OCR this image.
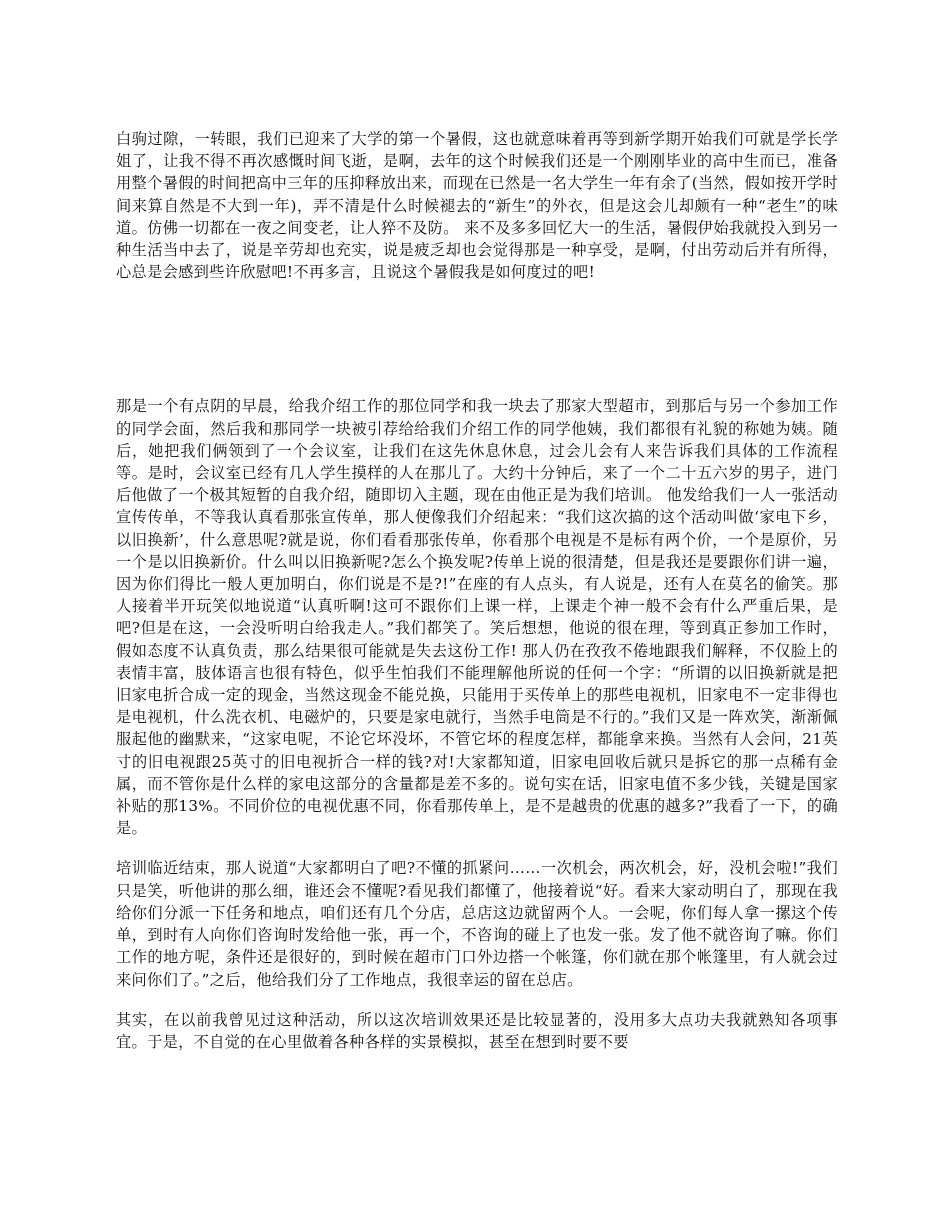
白驹过隙，一转眼，我们已迎来了大学的第一个暑假，这也就意味着再等到新学期开始我们可就是学长学姐了，让我不得不再次感慨时间飞逝，是啊，去年的这个时候我们还是一个刚刚毕业的高中生而已，准备用整个暑假的时间把高中三年的压抑释放出来，而现在已然是一名大学生一年有余了(当然，假如按开学时间来算自然是不大到一年)，弄不清是什么时候褪去的“新生”的外衣，但是这会儿却颇有一种“老生”的味道。仿佛一切都在一夜之间变老，让人猝不及防。 来不及多多回忆大一的生活，暑假伊始我就投入到另一种生活当中去了，说是辛劳却也充实，说是疲乏却也会觉得那是一种享受，是啊，付出劳动后并有所得，心总是会感到些许欣慰吧!不再多言，且说这个暑假我是如何度过的吧!

那是一个有点阴的早晨，给我介绍工作的那位同学和我一块去了那家大型超市，到那后与另一个参加工作的同学会面，然后我和那同学一块被引荐给给我们介绍工作的同学他姨，我们都很有礼貌的称她为姨。随后，她把我们俩领到了一个会议室，让我们在这先休息休息，过会儿会有人来告诉我们具体的工作流程等。是时，会议室已经有几人学生摸样的人在那儿了。大约十分钟后，来了一个二十五六岁的男子，进门后他做了一个极其短暂的自我介绍，随即切入主题，现在由他正是为我们培训。 他发给我们一人一张活动宣传传单，不等我认真看那张宣传单，那人便像我们介绍起来：“我们这次搞的这个活动叫做‘家电下乡，以旧换新’，什么意思呢?就是说，你们看看那张传单，你看那个电视是不是标有两个价，一个是原价，另一个是以旧换新价。什么叫以旧换新呢?怎么个换发呢?传单上说的很清楚，但是我还是要跟你们讲一遍，因为你们得比一般人更加明白，你们说是不是?!”在座的有人点头，有人说是，还有人在莫名的偷笑。那人接着半开玩笑似地说道“认真听啊!这可不跟你们上课一样，上课走个神一般不会有什么严重后果，是吧?但是在这，一会没听明白给我走人。”我们都笑了。笑后想想，他说的很在理，等到真正参加工作时，假如态度不认真负责，那么结果很可能就是失去这份工作! 那人仍在孜孜不倦地跟我们解释，不仅脸上的表情丰富，肢体语言也很有特色，似乎生怕我们不能理解他所说的任何一个字：“所谓的以旧换新就是把旧家电折合成一定的现金，当然这现金不能兑换，只能用于买传单上的那些电视机，旧家电不一定非得也是电视机，什么洗衣机、电磁炉的，只要是家电就行，当然手电筒是不行的。”我们又是一阵欢笑，渐渐佩服起他的幽默来，“这家电呢，不论它坏没坏，不管它坏的程度怎样，都能拿来换。当然有人会问，21英寸的旧电视跟25英寸的旧电视折合一样的钱?对!大家都知道，旧家电回收后就只是拆它的那一点稀有金属，而不管你是什么样的家电这部分的含量都是差不多的。说句实在话，旧家电值不多少钱，关键是国家补贴的那13%。不同价位的电视优惠不同，你看那传单上，是不是越贵的优惠的越多?”我看了一下，的确是。

培训临近结束，那人说道“大家都明白了吧?不懂的抓紧问……一次机会，两次机会，好，没机会啦!”我们只是笑，听他讲的那么细，谁还会不懂呢?看见我们都懂了，他接着说“好。看来大家动明白了，那现在我给你们分派一下任务和地点，咱们还有几个分店，总店这边就留两个人。一会呢，你们每人拿一摞这个传单，到时有人向你们咨询时发给他一张，再一个，不咨询的碰上了也发一张。发了他不就咨询了嘛。你们工作的地方呢，条件还是很好的，到时候在超市门口外边搭一个帐篷，你们就在那个帐篷里，有人就会过来问你们了。”之后，他给我们分了工作地点，我很幸运的留在总店。

其实，在以前我曾见过这种活动，所以这次培训效果还是比较显著的，没用多大点功夫我就熟知各项事宜。于是，不自觉的在心里做着各种各样的实景模拟，甚至在想到时要不要
